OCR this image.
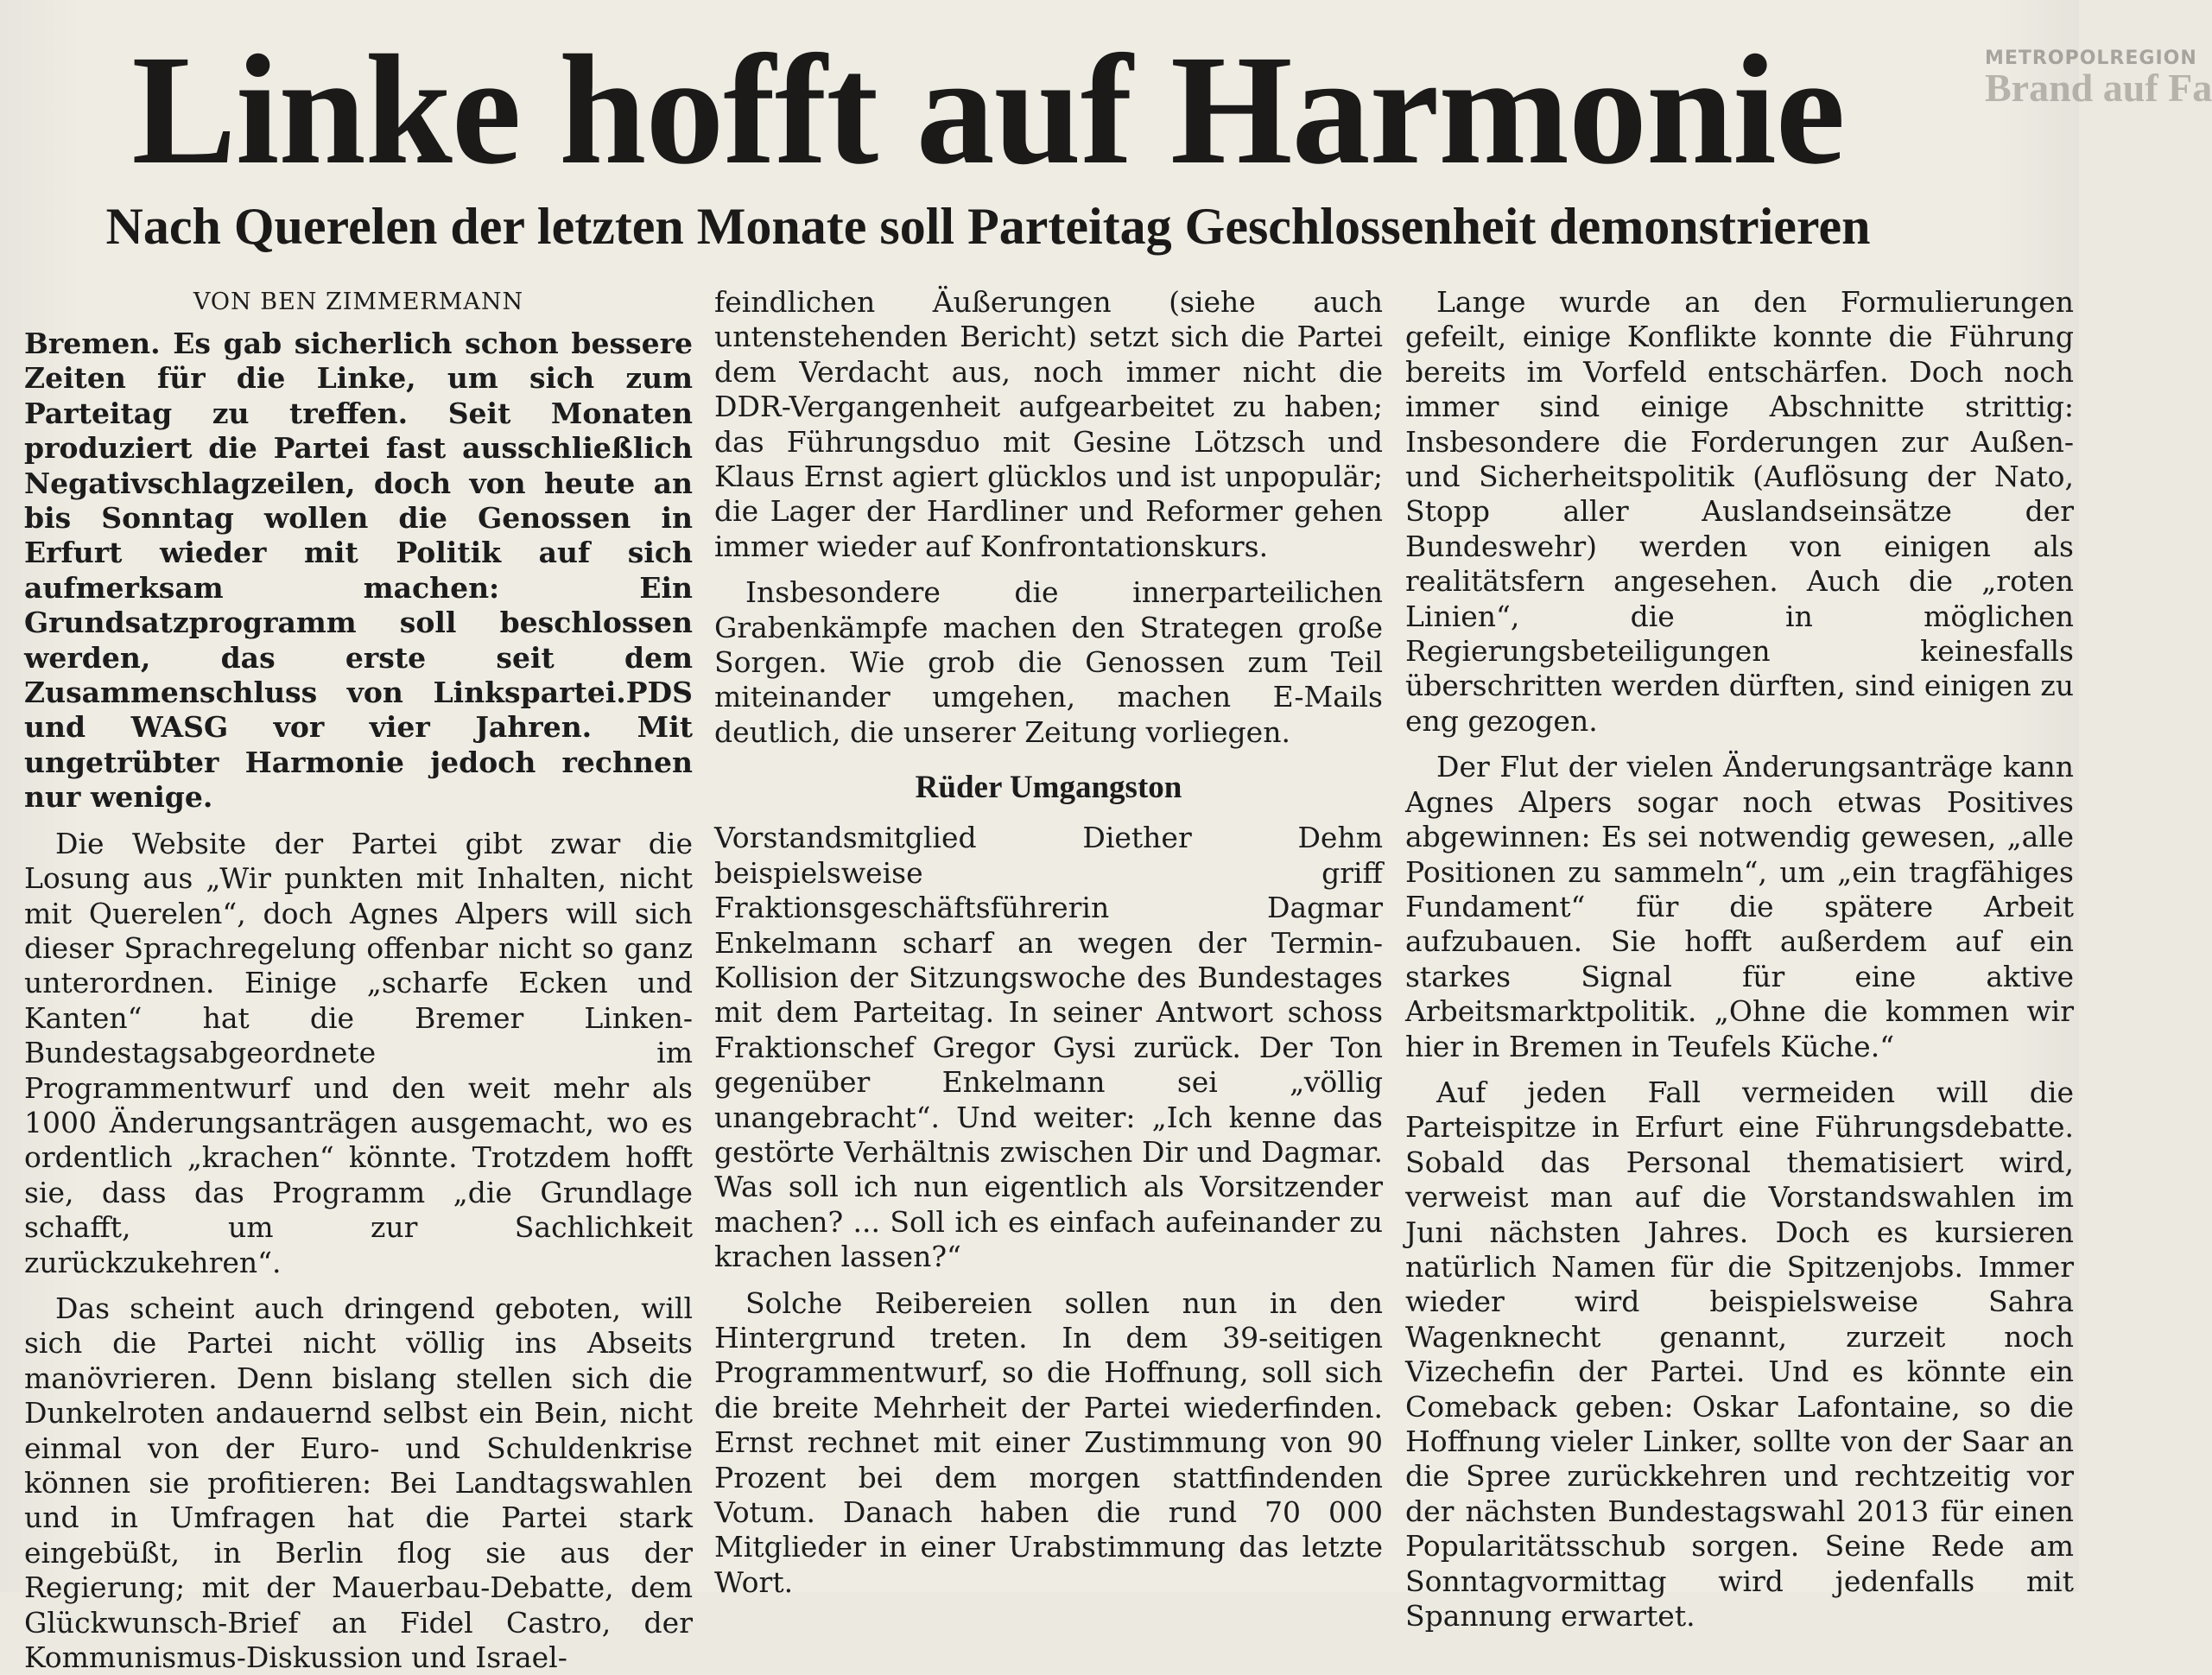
Linke hofft auf Harmonie
Nach Querelen der letzten Monate soll Parteitag Geschlossenheit demonstrieren
VON BEN ZIMMERMANN

Bremen. Es gab sicherlich schon bessere Zeiten für die Linke, um sich zum Parteitag zu treffen. Seit Monaten produziert die Partei fast ausschließlich Negativschlagzeilen, doch von heute an bis Sonntag wollen die Genossen in Erfurt wieder mit Politik auf sich aufmerksam machen: Ein Grundsatzprogramm soll beschlossen werden, das erste seit dem Zusammenschluss von Linkspartei.PDS und WASG vor vier Jahren. Mit ungetrübter Harmonie jedoch rechnen nur wenige.

Die Website der Partei gibt zwar die Losung aus „Wir punkten mit Inhalten, nicht mit Querelen“, doch Agnes Alpers will sich dieser Sprachregelung offenbar nicht so ganz unterordnen. Einige „scharfe Ecken und Kanten“ hat die Bremer Linken-Bundestagsabgeordnete im Programmentwurf und den weit mehr als 1000 Änderungsanträgen ausgemacht, wo es ordentlich „krachen“ könnte. Trotzdem hofft sie, dass das Programm „die Grundlage schafft, um zur Sachlichkeit zurückzukehren“.

Das scheint auch dringend geboten, will sich die Partei nicht völlig ins Abseits manövrieren. Denn bislang stellen sich die Dunkelroten andauernd selbst ein Bein, nicht einmal von der Euro- und Schuldenkrise können sie profitieren: Bei Landtagswahlen und in Umfragen hat die Partei stark eingebüßt, in Berlin flog sie aus der Regierung; mit der Mauerbau-Debatte, dem Glückwunsch-Brief an Fidel Castro, der Kommunismus-Diskussion und Israel-

feindlichen Äußerungen (siehe auch untenstehenden Bericht) setzt sich die Partei dem Verdacht aus, noch immer nicht die DDR-Vergangenheit aufgearbeitet zu haben; das Führungsduo mit Gesine Lötzsch und Klaus Ernst agiert glücklos und ist unpopulär; die Lager der Hardliner und Reformer gehen immer wieder auf Konfrontationskurs.

Insbesondere die innerparteilichen Grabenkämpfe machen den Strategen große Sorgen. Wie grob die Genossen zum Teil miteinander umgehen, machen E-Mails deutlich, die unserer Zeitung vorliegen.

Rüder Umgangston

Vorstandsmitglied Diether Dehm beispielsweise griff Fraktionsgeschäftsführerin Dagmar Enkelmann scharf an wegen der Termin-Kollision der Sitzungswoche des Bundestages mit dem Parteitag. In seiner Antwort schoss Fraktionschef Gregor Gysi zurück. Der Ton gegenüber Enkelmann sei „völlig unangebracht“. Und weiter: „Ich kenne das gestörte Verhältnis zwischen Dir und Dagmar. Was soll ich nun eigentlich als Vorsitzender machen? ... Soll ich es einfach aufeinander zu krachen lassen?“

Solche Reibereien sollen nun in den Hintergrund treten. In dem 39-seitigen Programmentwurf, so die Hoffnung, soll sich die breite Mehrheit der Partei wiederfinden. Ernst rechnet mit einer Zustimmung von 90 Prozent bei dem morgen stattfindenden Votum. Danach haben die rund 70 000 Mitglieder in einer Urabstimmung das letzte Wort.

Lange wurde an den Formulierungen gefeilt, einige Konflikte konnte die Führung bereits im Vorfeld entschärfen. Doch noch immer sind einige Abschnitte strittig: Insbesondere die Forderungen zur Außen- und Sicherheitspolitik (Auflösung der Nato, Stopp aller Auslandseinsätze der Bundeswehr) werden von einigen als realitätsfern angesehen. Auch die „roten Linien“, die in möglichen Regierungsbeteiligungen keinesfalls überschritten werden dürften, sind einigen zu eng gezogen.

Der Flut der vielen Änderungsanträge kann Agnes Alpers sogar noch etwas Positives abgewinnen: Es sei notwendig gewesen, „alle Positionen zu sammeln“, um „ein tragfähiges Fundament“ für die spätere Arbeit aufzubauen. Sie hofft außerdem auf ein starkes Signal für eine aktive Arbeitsmarktpolitik. „Ohne die kommen wir hier in Bremen in Teufels Küche.“

Auf jeden Fall vermeiden will die Parteispitze in Erfurt eine Führungsdebatte. Sobald das Personal thematisiert wird, verweist man auf die Vorstandswahlen im Juni nächsten Jahres. Doch es kursieren natürlich Namen für die Spitzenjobs. Immer wieder wird beispielsweise Sahra Wagenknecht genannt, zurzeit noch Vizechefin der Partei. Und es könnte ein Comeback geben: Oskar Lafontaine, so die Hoffnung vieler Linker, sollte von der Saar an die Spree zurückkehren und rechtzeitig vor der nächsten Bundestagswahl 2013 für einen Popularitätsschub sorgen. Seine Rede am Sonntagvormittag wird jedenfalls mit Spannung erwartet.

METROPOLREGION
Brand auf Fa
